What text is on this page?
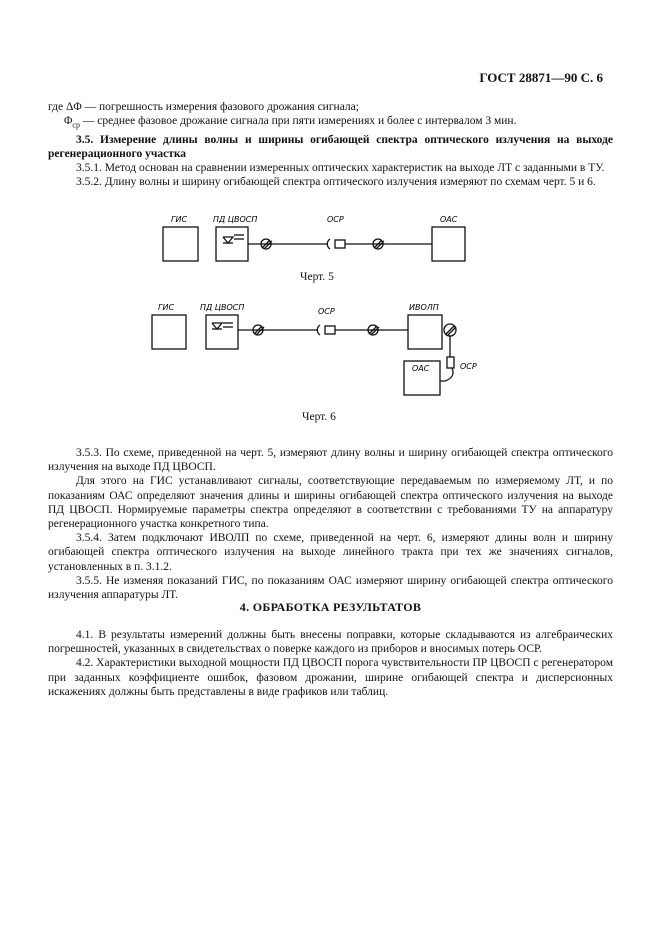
ГОСТ 28871—90 С. 6

где ΔΦ — погрешность измерения фазового дрожания сигнала;

$\Phi_{ср}$ — среднее фазовое дрожание сигнала при пяти измерениях и более с интервалом 3 мин.

3.5. Измерение длины волны и ширины огибающей спектра оптического излучения на выходе регенерационного участка

3.5.1. Метод основан на сравнении измеренных оптических характеристик на выходе ЛТ с заданными в ТУ.

3.5.2. Длину волны и ширину огибающей спектра оптического излучения измеряют по схемам черт. 5 и 6.

ГИС	ПД ЦВОСП	ОСР	ОАС
Черт. 5
ГИС	ПД ЦВОСП	ОСР	ИВОЛП
ОАС	ОСР
Черт. 6

3.5.3. По схеме, приведенной на черт. 5, измеряют длину волны и ширину огибающей спектра оптического излучения на выходе ПД ЦВОСП.

Для этого на ГИС устанавливают сигналы, соответствующие передаваемым по измеряемому ЛТ, и по показаниям ОАС определяют значения длины и ширины огибающей спектра оптического излучения на выходе ПД ЦВОСП. Нормируемые параметры спектра определяют в соответствии с требованиями ТУ на аппаратуру регенерационного участка конкретного типа.

3.5.4. Затем подключают ИВОЛП по схеме, приведенной на черт. 6, измеряют длины волн и ширину огибающей спектра оптического излучения на выходе линейного тракта при тех же значениях сигналов, установленных в п. 3.1.2.

3.5.5. Не изменяя показаний ГИС, по показаниям ОАС измеряют ширину огибающей спектра оптического излучения аппаратуры ЛТ.

4. ОБРАБОТКА РЕЗУЛЬТАТОВ

4.1. В результаты измерений должны быть внесены поправки, которые складываются из алгебраических погрешностей, указанных в свидетельствах о поверке каждого из приборов и вносимых потерь ОСР.

4.2. Характеристики выходной мощности ПД ЦВОСП порога чувствительности ПР ЦВОСП с регенератором при заданных коэффициенте ошибок, фазовом дрожании, ширине огибающей спектра и дисперсионных искажениях должны быть представлены в виде графиков или таблиц.
